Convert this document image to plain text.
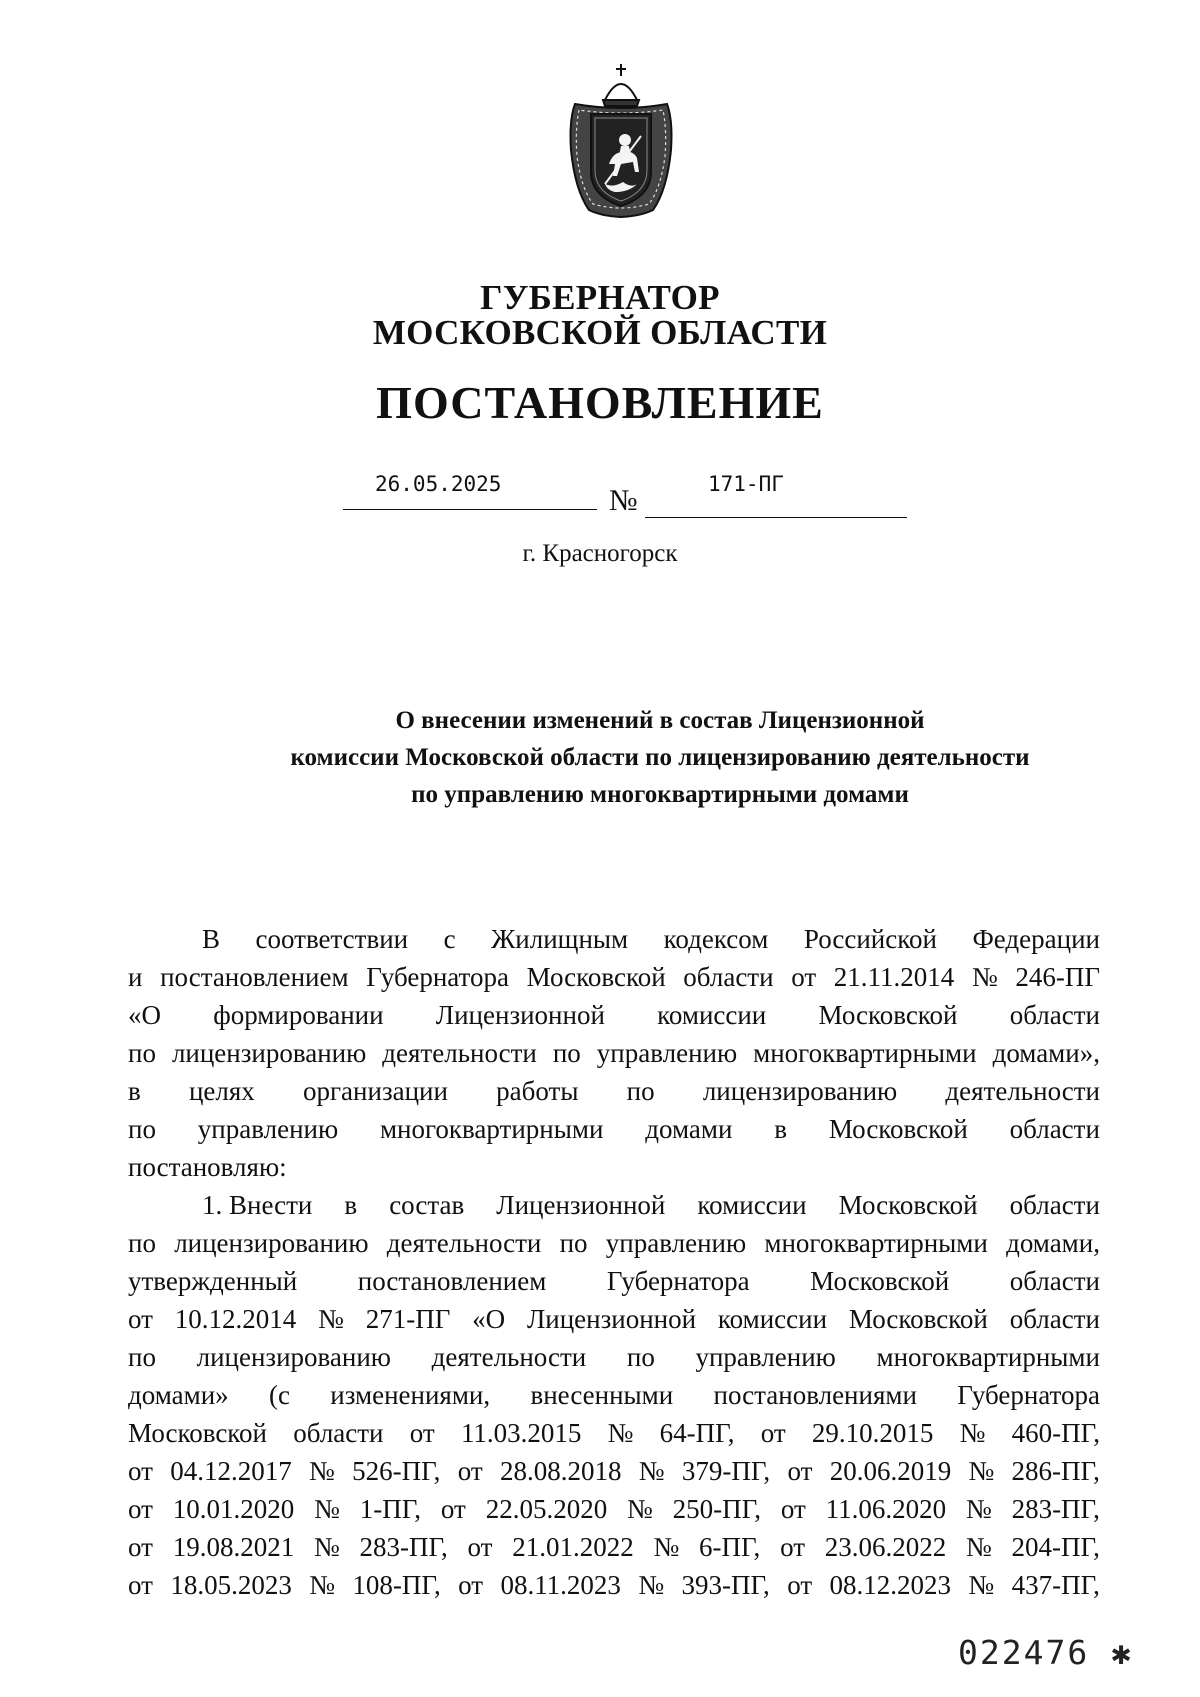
ГУБЕРНАТОР
МОСКОВСКОЙ ОБЛАСТИ
ПОСТАНОВЛЕНИЕ
26.05.2025	№	171-ПГ
г. Красногорск
О внесении изменений в состав Лицензионной
комиссии Московской области по лицензированию деятельности
по управлению многоквартирными домами
В соответствии с Жилищным кодексом Российской Федерации
и постановлением Губернатора Московской области от 21.11.2014 № 246-ПГ
«О формировании Лицензионной комиссии Московской области
по лицензированию деятельности по управлению многоквартирными домами»,
в целях организации работы по лицензированию деятельности
по управлению многоквартирными домами в Московской области
постановляю:
1. Внести в состав Лицензионной комиссии Московской области
по лицензированию деятельности по управлению многоквартирными домами,
утвержденный постановлением Губернатора Московской области
от 10.12.2014 № 271-ПГ «О Лицензионной комиссии Московской области
по лицензированию деятельности по управлению многоквартирными
домами» (с изменениями, внесенными постановлениями Губернатора
Московской области от 11.03.2015 № 64-ПГ, от 29.10.2015 № 460-ПГ,
от 04.12.2017 № 526-ПГ, от 28.08.2018 № 379-ПГ, от 20.06.2019 № 286-ПГ,
от 10.01.2020 № 1-ПГ, от 22.05.2020 № 250-ПГ, от 11.06.2020 № 283-ПГ,
от 19.08.2021 № 283-ПГ, от 21.01.2022 № 6-ПГ, от 23.06.2022 № 204-ПГ,
от 18.05.2023 № 108-ПГ, от 08.11.2023 № 393-ПГ, от 08.12.2023 № 437-ПГ,
022476 ✱
